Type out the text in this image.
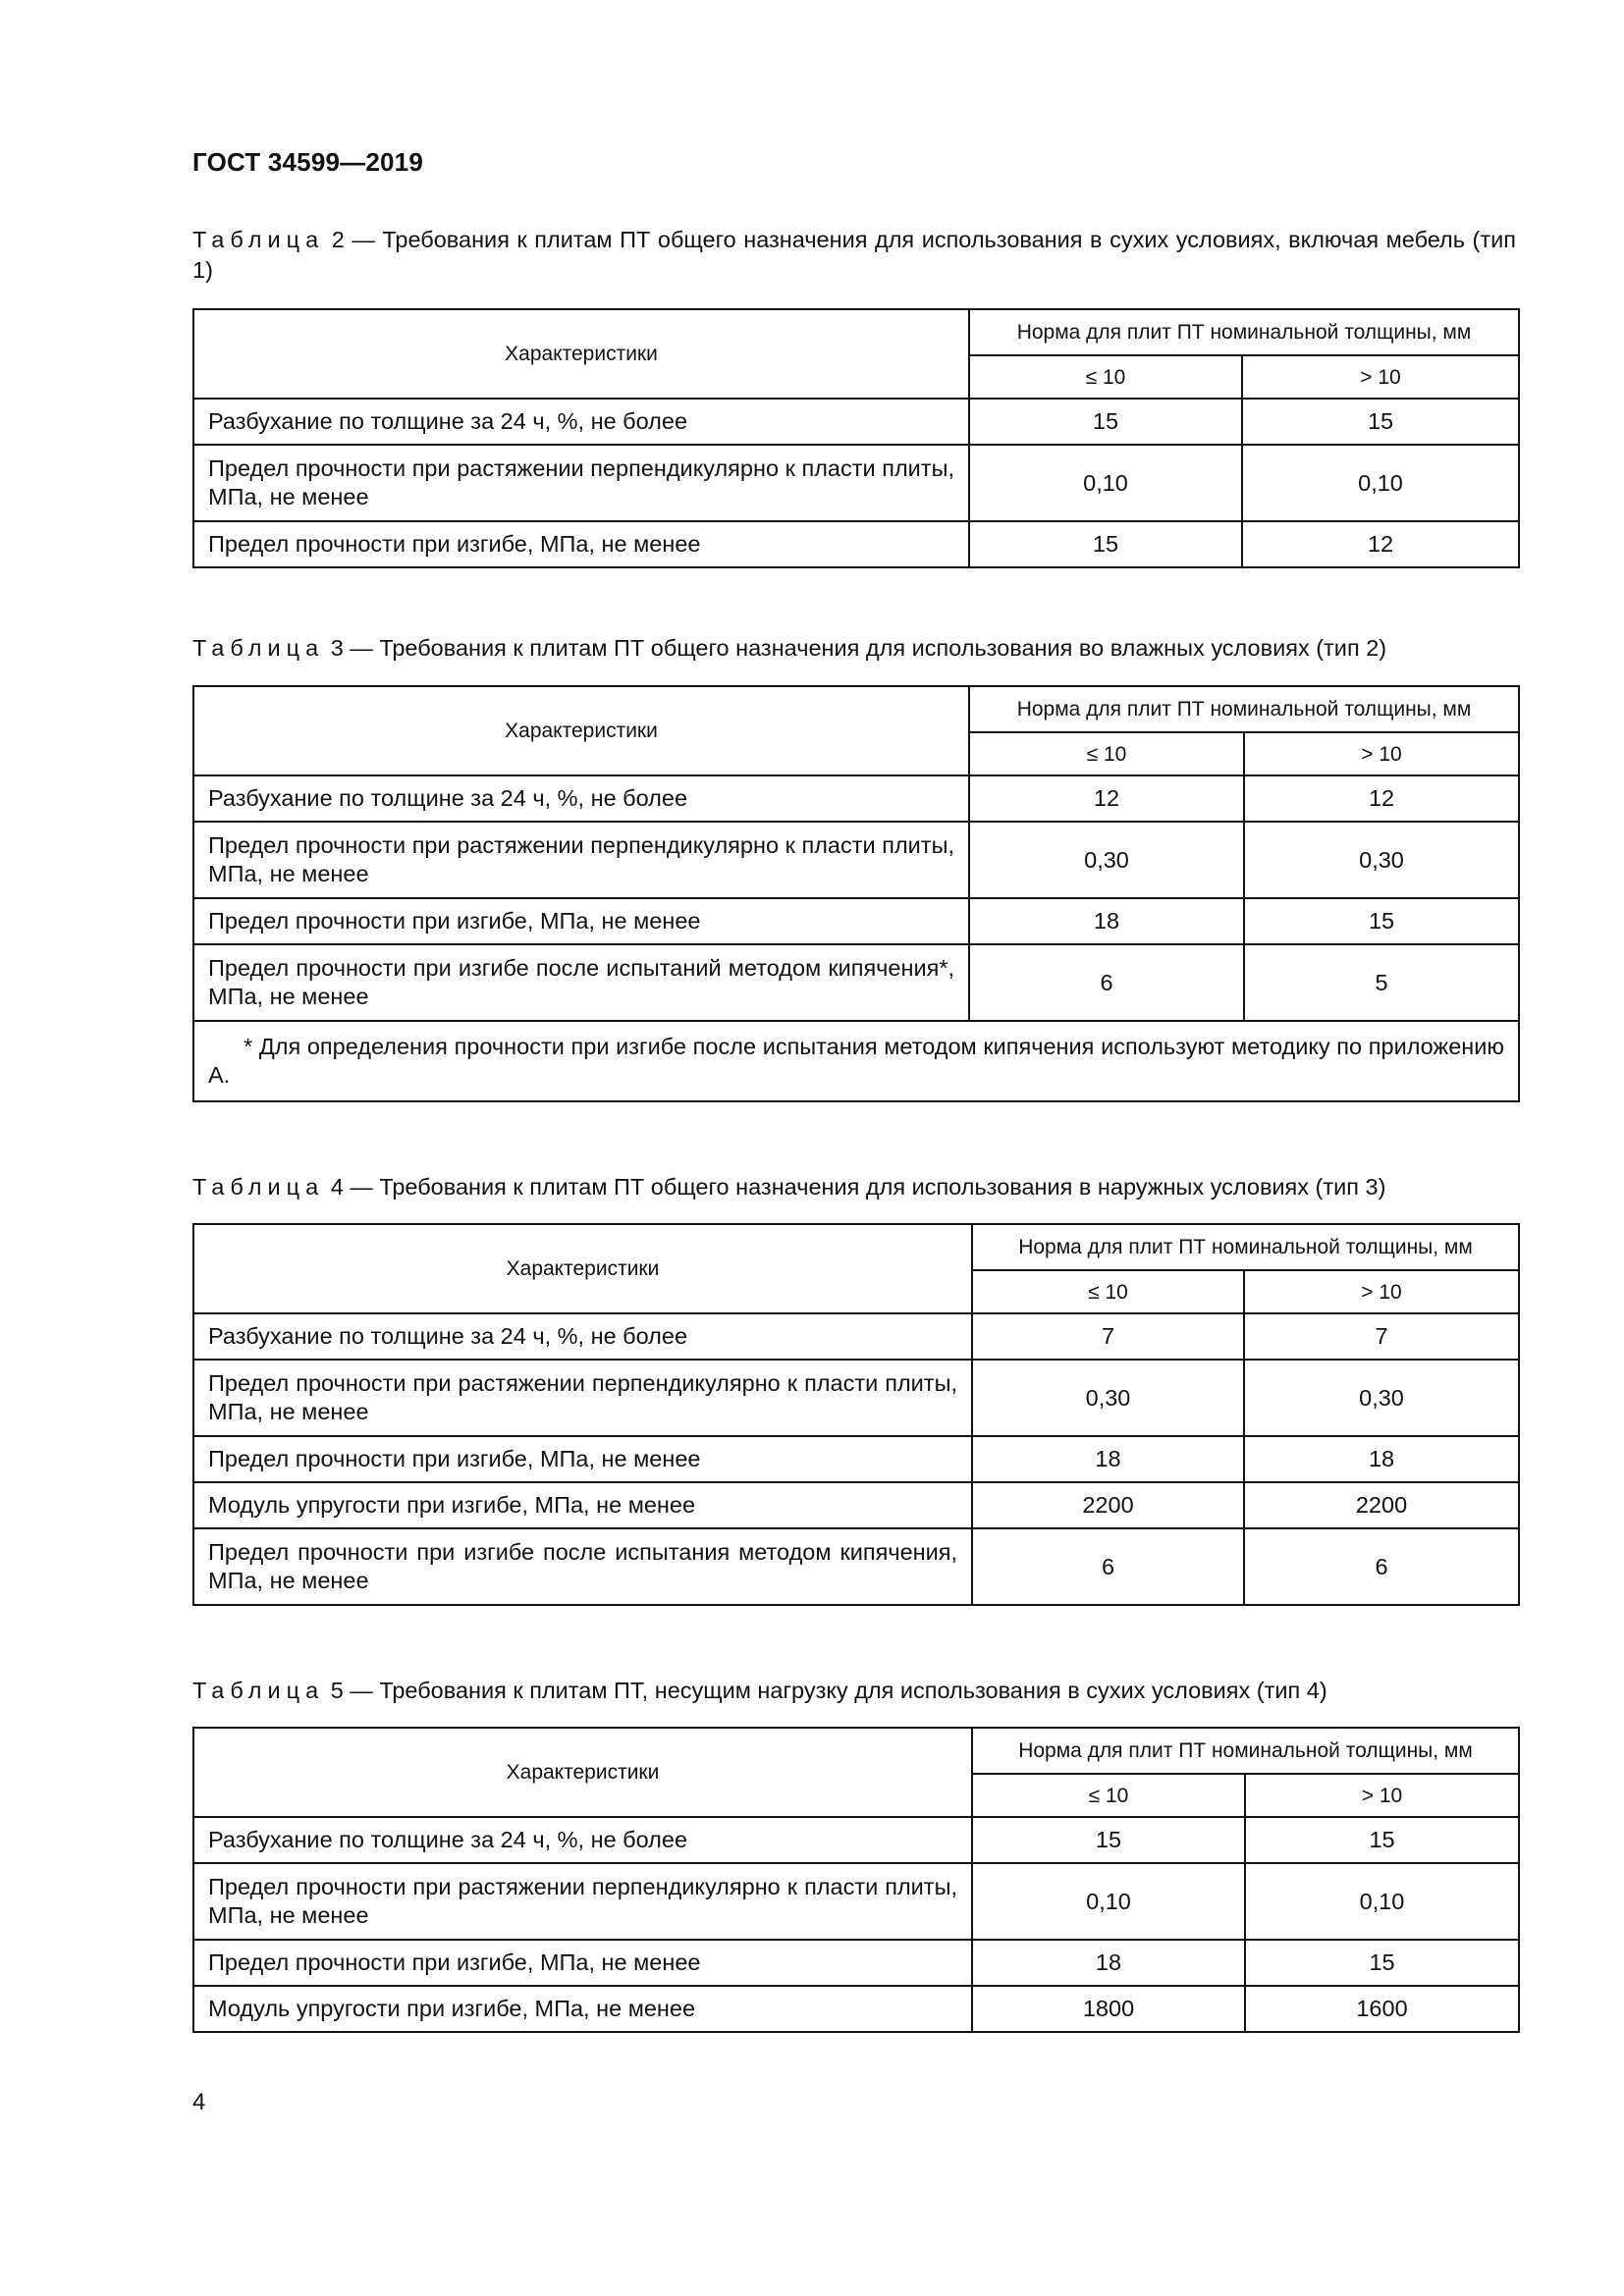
ГОСТ 34599—2019
Таблица 2 — Требования к плитам ПТ общего назначения для использования в сухих условиях, включая мебель (тип 1)
Характеристики	Норма для плит ПТ номинальной толщины, мм	
	≤ 10	> 10
Разбухание по толщине за 24 ч, %, не более	15	15
Предел прочности при растяжении перпендикулярно к пласти плиты, МПа, не менее	0,10	0,10
Предел прочности при изгибе, МПа, не менее	15	12
Таблица 3 — Требования к плитам ПТ общего назначения для использования во влажных условиях (тип 2)
Характеристики	Норма для плит ПТ номинальной толщины, мм	
	≤ 10	> 10
Разбухание по толщине за 24 ч, %, не более	12	12
Предел прочности при растяжении перпендикулярно к пласти плиты, МПа, не менее	0,30	0,30
Предел прочности при изгибе, МПа, не менее	18	15
Предел прочности при изгибе после испытаний методом кипячения*, МПа, не менее	6	5
* Для определения прочности при изгибе после испытания методом кипячения используют методику по приложению А.		
Таблица 4 — Требования к плитам ПТ общего назначения для использования в наружных условиях (тип 3)
Характеристики	Норма для плит ПТ номинальной толщины, мм	
	≤ 10	> 10
Разбухание по толщине за 24 ч, %, не более	7	7
Предел прочности при растяжении перпендикулярно к пласти плиты, МПа, не менее	0,30	0,30
Предел прочности при изгибе, МПа, не менее	18	18
Модуль упругости при изгибе, МПа, не менее	2200	2200
Предел прочности при изгибе после испытания методом кипячения, МПа, не менее	6	6
Таблица 5 — Требования к плитам ПТ, несущим нагрузку для использования в сухих условиях (тип 4)
Характеристики	Норма для плит ПТ номинальной толщины, мм	
	≤ 10	> 10
Разбухание по толщине за 24 ч, %, не более	15	15
Предел прочности при растяжении перпендикулярно к пласти плиты, МПа, не менее	0,10	0,10
Предел прочности при изгибе, МПа, не менее	18	15
Модуль упругости при изгибе, МПа, не менее	1800	1600
4
